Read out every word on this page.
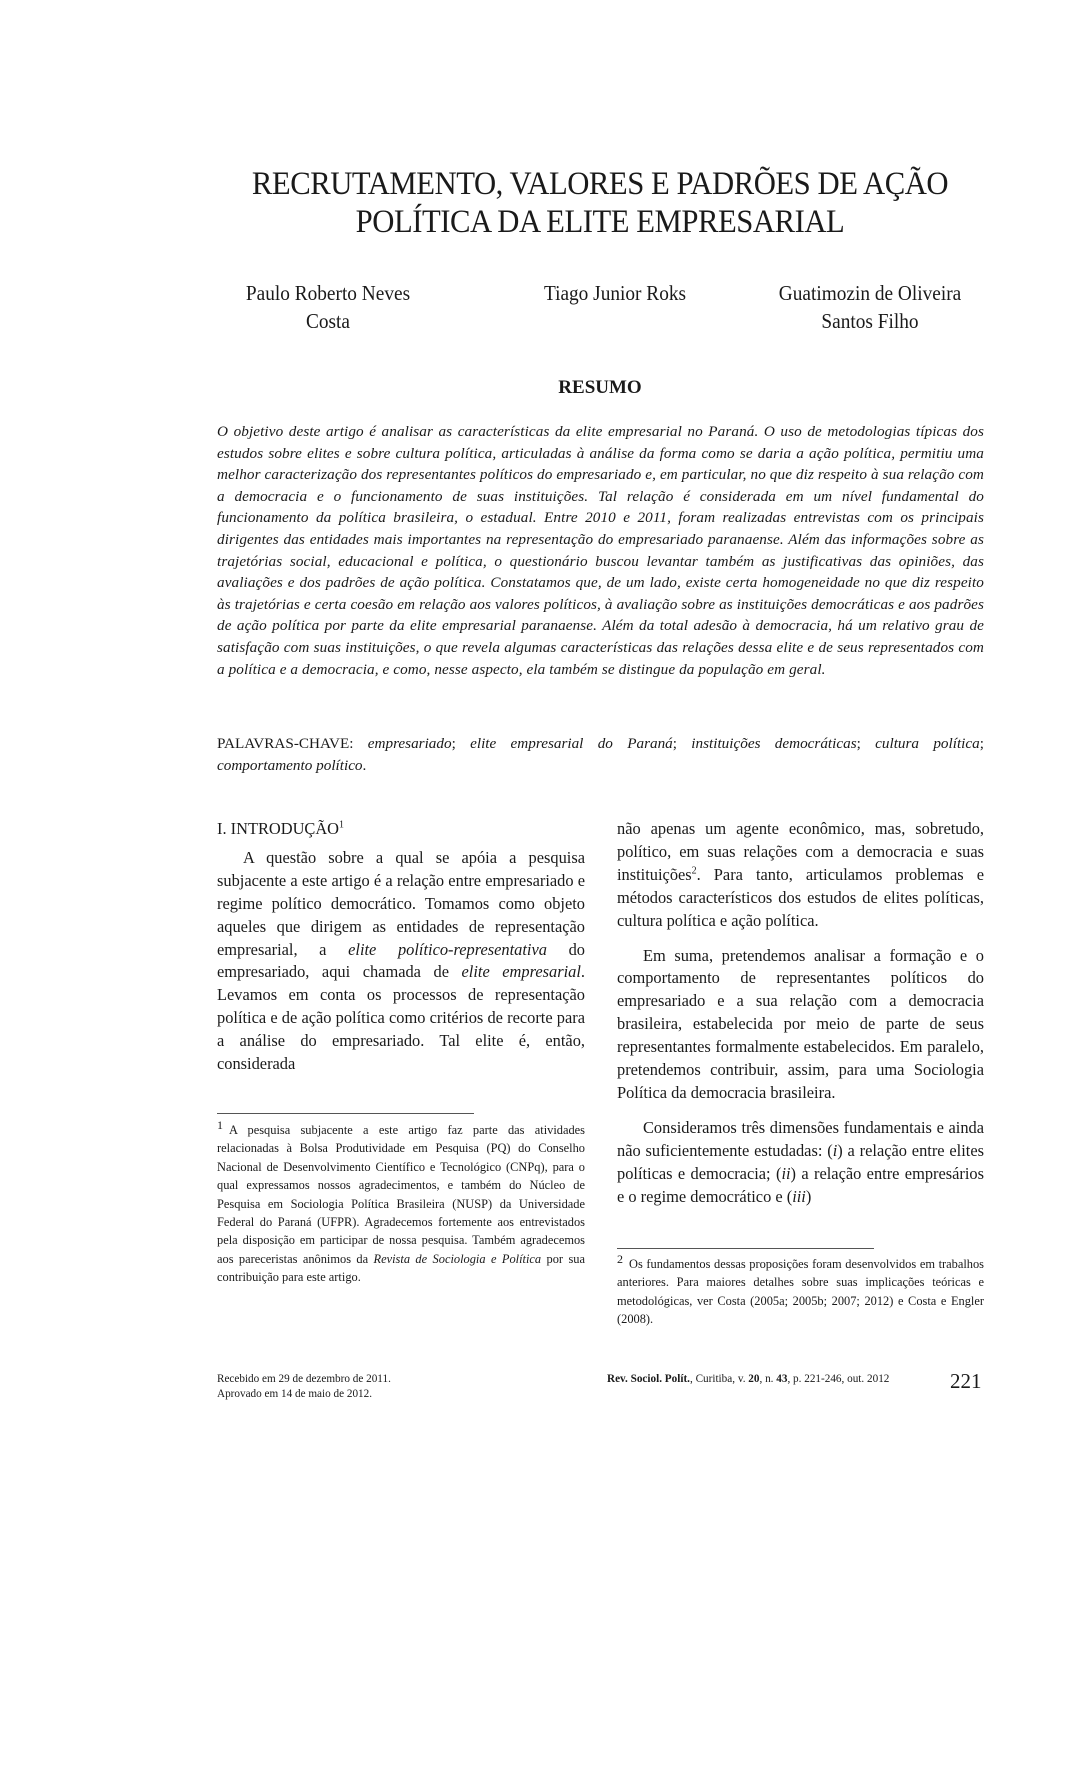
RECRUTAMENTO, VALORES E PADRÕES DE AÇÃO
POLÍTICA DA ELITE EMPRESARIAL
Paulo Roberto Neves
Costa
Tiago Junior Roks	Guatimozin de Oliveira
Santos Filho
RESUMO
O objetivo deste artigo é analisar as características da elite empresarial no Paraná. O uso de metodologias típicas dos estudos sobre elites e sobre cultura política, articuladas à análise da forma como se daria a ação política, permitiu uma melhor caracterização dos representantes políticos do empresariado e, em particular, no que diz respeito à sua relação com a democracia e o funcionamento de suas instituições. Tal relação é considerada em um nível fundamental do funcionamento da política brasileira, o estadual. Entre 2010 e 2011, foram realizadas entrevistas com os principais dirigentes das entidades mais importantes na representação do empresariado paranaense. Além das informações sobre as trajetórias social, educacional e política, o questionário buscou levantar também as justificativas das opiniões, das avaliações e dos padrões de ação política. Constatamos que, de um lado, existe certa homogeneidade no que diz respeito às trajetórias e certa coesão em relação aos valores políticos, à avaliação sobre as instituições democráticas e aos padrões de ação política por parte da elite empresarial paranaense. Além da total adesão à democracia, há um relativo grau de satisfação com suas instituições, o que revela algumas características das relações dessa elite e de seus representados com a política e a democracia, e como, nesse aspecto, ela também se distingue da população em geral.
PALAVRAS-CHAVE: empresariado; elite empresarial do Paraná; instituições democráticas; cultura política; comportamento político.
I. INTRODUÇÃO$^1$

A questão sobre a qual se apóia a pesquisa subjacente a este artigo é a relação entre empresariado e regime político democrático. Tomamos como objeto aqueles que dirigem as entidades de representação empresarial, a elite político-representativa do empresariado, aqui chamada de elite empresarial. Levamos em conta os processos de representação política e de ação política como critérios de recorte para a análise do empresariado. Tal elite é, então, considerada

não apenas um agente econômico, mas, sobretudo, político, em suas relações com a democracia e suas instituições$^2$. Para tanto, articulamos problemas e métodos característicos dos estudos de elites políticas, cultura política e ação política.

Em suma, pretendemos analisar a formação e o comportamento de representantes políticos do empresariado e a sua relação com a democracia brasileira, estabelecida por meio de parte de seus representantes formalmente estabelecidos. Em paralelo, pretendemos contribuir, assim, para uma Sociologia Política da democracia brasileira.

Consideramos três dimensões fundamentais e ainda não suficientemente estudadas: (i) a relação entre elites políticas e democracia; (ii) a relação entre empresários e o regime democrático e (iii)

1 A pesquisa subjacente a este artigo faz parte das atividades relacionadas à Bolsa Produtividade em Pesquisa (PQ) do Conselho Nacional de Desenvolvimento Científico e Tecnológico (CNPq), para o qual expressamos nossos agradecimentos, e também do Núcleo de Pesquisa em Sociologia Política Brasileira (NUSP) da Universidade Federal do Paraná (UFPR). Agradecemos fortemente aos entrevistados pela disposição em participar de nossa pesquisa. Também agradecemos aos pareceristas anônimos da Revista de Sociologia e Política por sua contribuição para este artigo.
2 Os fundamentos dessas proposições foram desenvolvidos em trabalhos anteriores. Para maiores detalhes sobre suas implicações teóricas e metodológicas, ver Costa (2005a; 2005b; 2007; 2012) e Costa e Engler (2008).
Recebido em 29 de dezembro de 2011.
Aprovado em 14 de maio de 2012.
Rev. Sociol. Polít., Curitiba, v. 20, n. 43, p. 221-246, out. 2012	221
